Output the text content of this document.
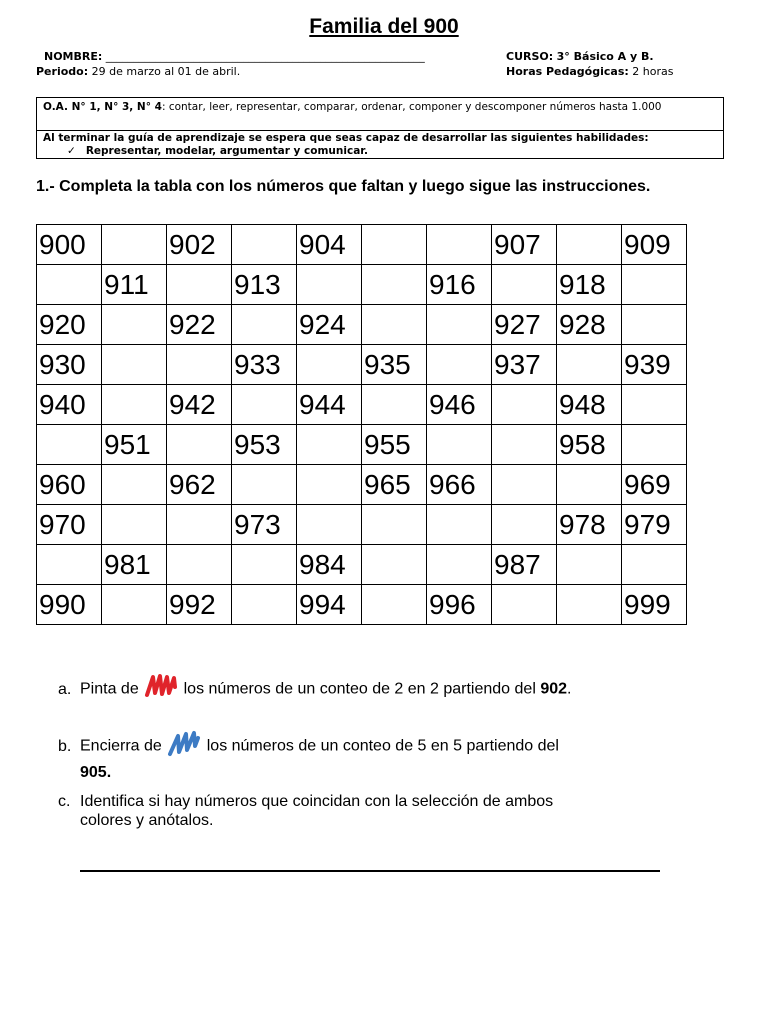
Familia del 900
NOMBRE: __________________________________________________________	CURSO: 3° Básico A y B.
Periodo: 29 de marzo al 01 de abril.	Horas Pedagógicas: 2 horas
O.A. N° 1, N° 3, N° 4: contar, leer, representar, comparar, ordenar, componer y descomponer números hasta 1.000
Al terminar la guía de aprendizaje se espera que seas capaz de desarrollar las siguientes habilidades:
✓ Representar, modelar, argumentar y comunicar.
1.- Completa la tabla con los números que faltan y luego sigue las instrucciones.
900		902		904			907		909
	911		913			916		918	
920		922		924			927	928	
930			933		935		937		939
940		942		944		946		948	
	951		953		955			958	
960		962			965	966			969
970			973					978	979
	981			984			987		
990		992		994		996			999
a. Pinta de	los números de un conteo de 2 en 2 partiendo del 902.
b. Encierra de	los números de un conteo de 5 en 5 partiendo del
905.
c. Identifica si hay números que coincidan con la selección de ambos
colores y anótalos.
